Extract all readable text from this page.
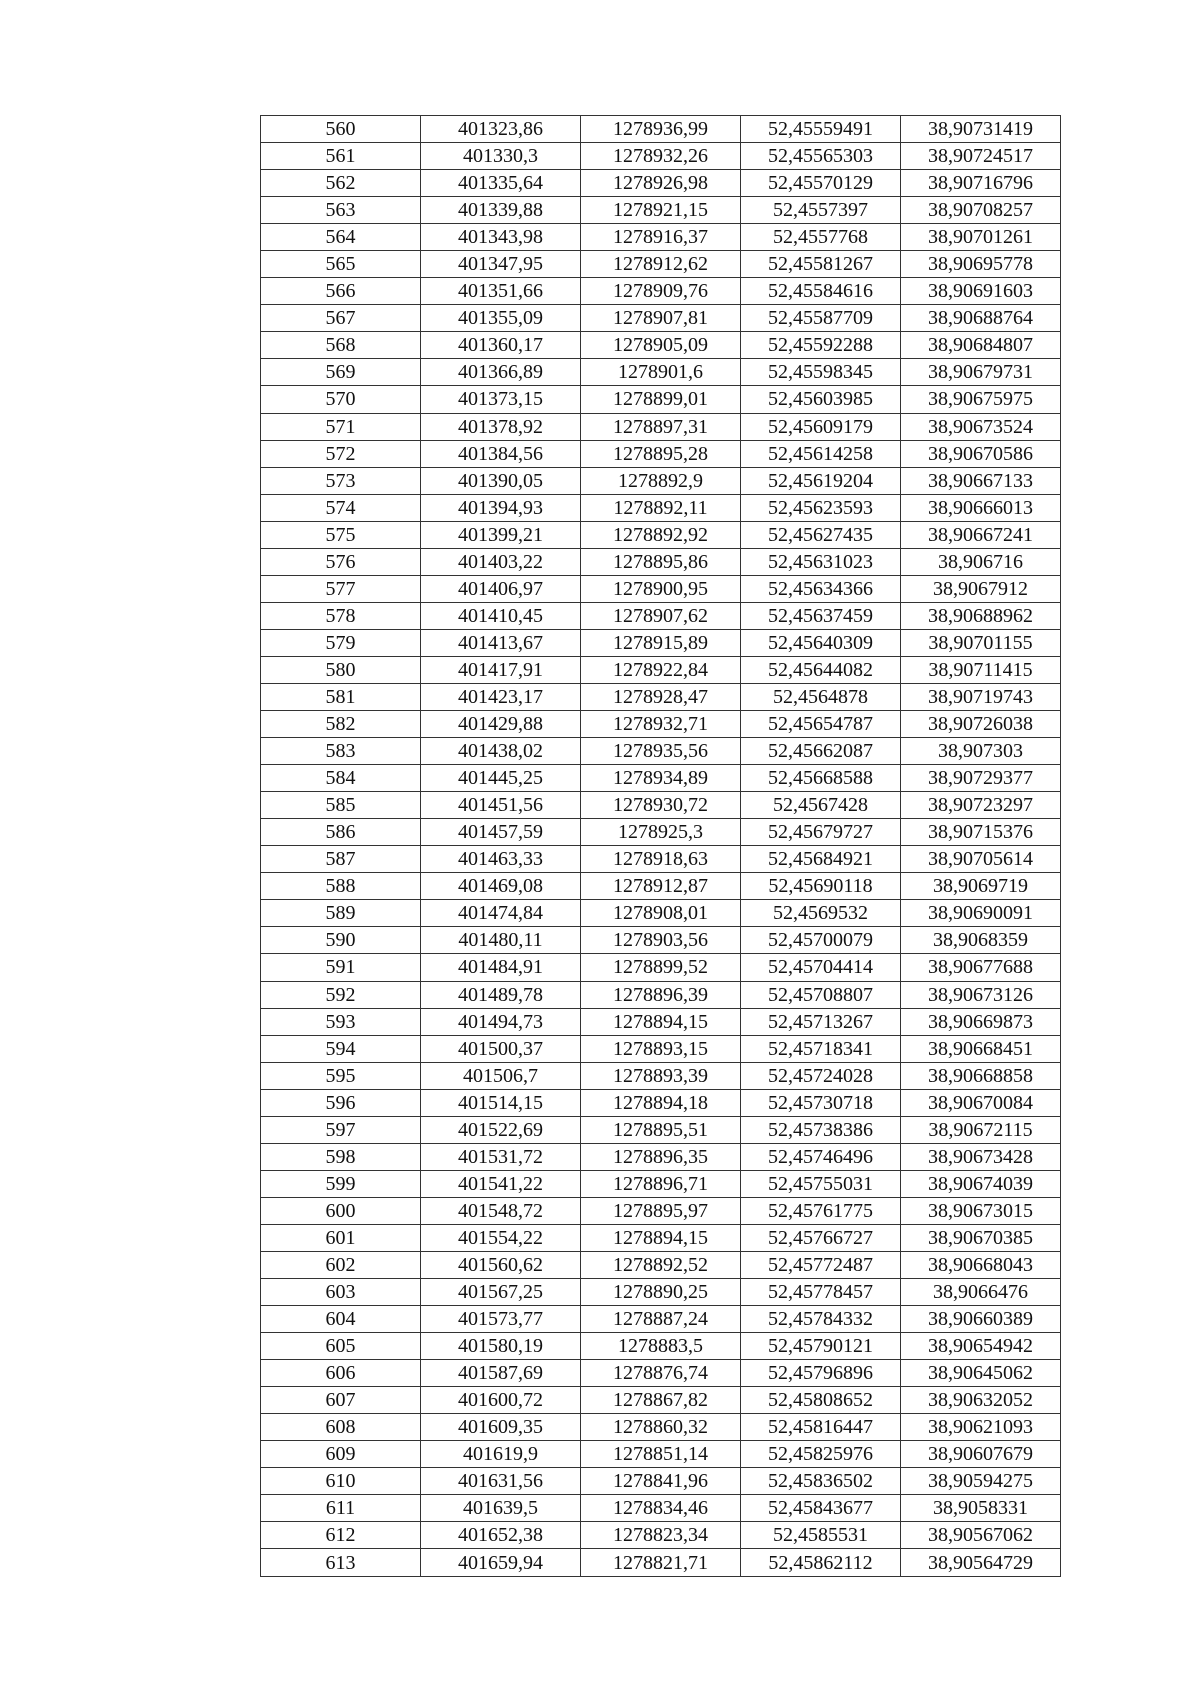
560	401323,86	1278936,99	52,45559491	38,90731419
561	401330,3	1278932,26	52,45565303	38,90724517
562	401335,64	1278926,98	52,45570129	38,90716796
563	401339,88	1278921,15	52,4557397	38,90708257
564	401343,98	1278916,37	52,4557768	38,90701261
565	401347,95	1278912,62	52,45581267	38,90695778
566	401351,66	1278909,76	52,45584616	38,90691603
567	401355,09	1278907,81	52,45587709	38,90688764
568	401360,17	1278905,09	52,45592288	38,90684807
569	401366,89	1278901,6	52,45598345	38,90679731
570	401373,15	1278899,01	52,45603985	38,90675975
571	401378,92	1278897,31	52,45609179	38,90673524
572	401384,56	1278895,28	52,45614258	38,90670586
573	401390,05	1278892,9	52,45619204	38,90667133
574	401394,93	1278892,11	52,45623593	38,90666013
575	401399,21	1278892,92	52,45627435	38,90667241
576	401403,22	1278895,86	52,45631023	38,906716
577	401406,97	1278900,95	52,45634366	38,9067912
578	401410,45	1278907,62	52,45637459	38,90688962
579	401413,67	1278915,89	52,45640309	38,90701155
580	401417,91	1278922,84	52,45644082	38,90711415
581	401423,17	1278928,47	52,4564878	38,90719743
582	401429,88	1278932,71	52,45654787	38,90726038
583	401438,02	1278935,56	52,45662087	38,907303
584	401445,25	1278934,89	52,45668588	38,90729377
585	401451,56	1278930,72	52,4567428	38,90723297
586	401457,59	1278925,3	52,45679727	38,90715376
587	401463,33	1278918,63	52,45684921	38,90705614
588	401469,08	1278912,87	52,45690118	38,9069719
589	401474,84	1278908,01	52,4569532	38,90690091
590	401480,11	1278903,56	52,45700079	38,9068359
591	401484,91	1278899,52	52,45704414	38,90677688
592	401489,78	1278896,39	52,45708807	38,90673126
593	401494,73	1278894,15	52,45713267	38,90669873
594	401500,37	1278893,15	52,45718341	38,90668451
595	401506,7	1278893,39	52,45724028	38,90668858
596	401514,15	1278894,18	52,45730718	38,90670084
597	401522,69	1278895,51	52,45738386	38,90672115
598	401531,72	1278896,35	52,45746496	38,90673428
599	401541,22	1278896,71	52,45755031	38,90674039
600	401548,72	1278895,97	52,45761775	38,90673015
601	401554,22	1278894,15	52,45766727	38,90670385
602	401560,62	1278892,52	52,45772487	38,90668043
603	401567,25	1278890,25	52,45778457	38,9066476
604	401573,77	1278887,24	52,45784332	38,90660389
605	401580,19	1278883,5	52,45790121	38,90654942
606	401587,69	1278876,74	52,45796896	38,90645062
607	401600,72	1278867,82	52,45808652	38,90632052
608	401609,35	1278860,32	52,45816447	38,90621093
609	401619,9	1278851,14	52,45825976	38,90607679
610	401631,56	1278841,96	52,45836502	38,90594275
611	401639,5	1278834,46	52,45843677	38,9058331
612	401652,38	1278823,34	52,4585531	38,90567062
613	401659,94	1278821,71	52,45862112	38,90564729
